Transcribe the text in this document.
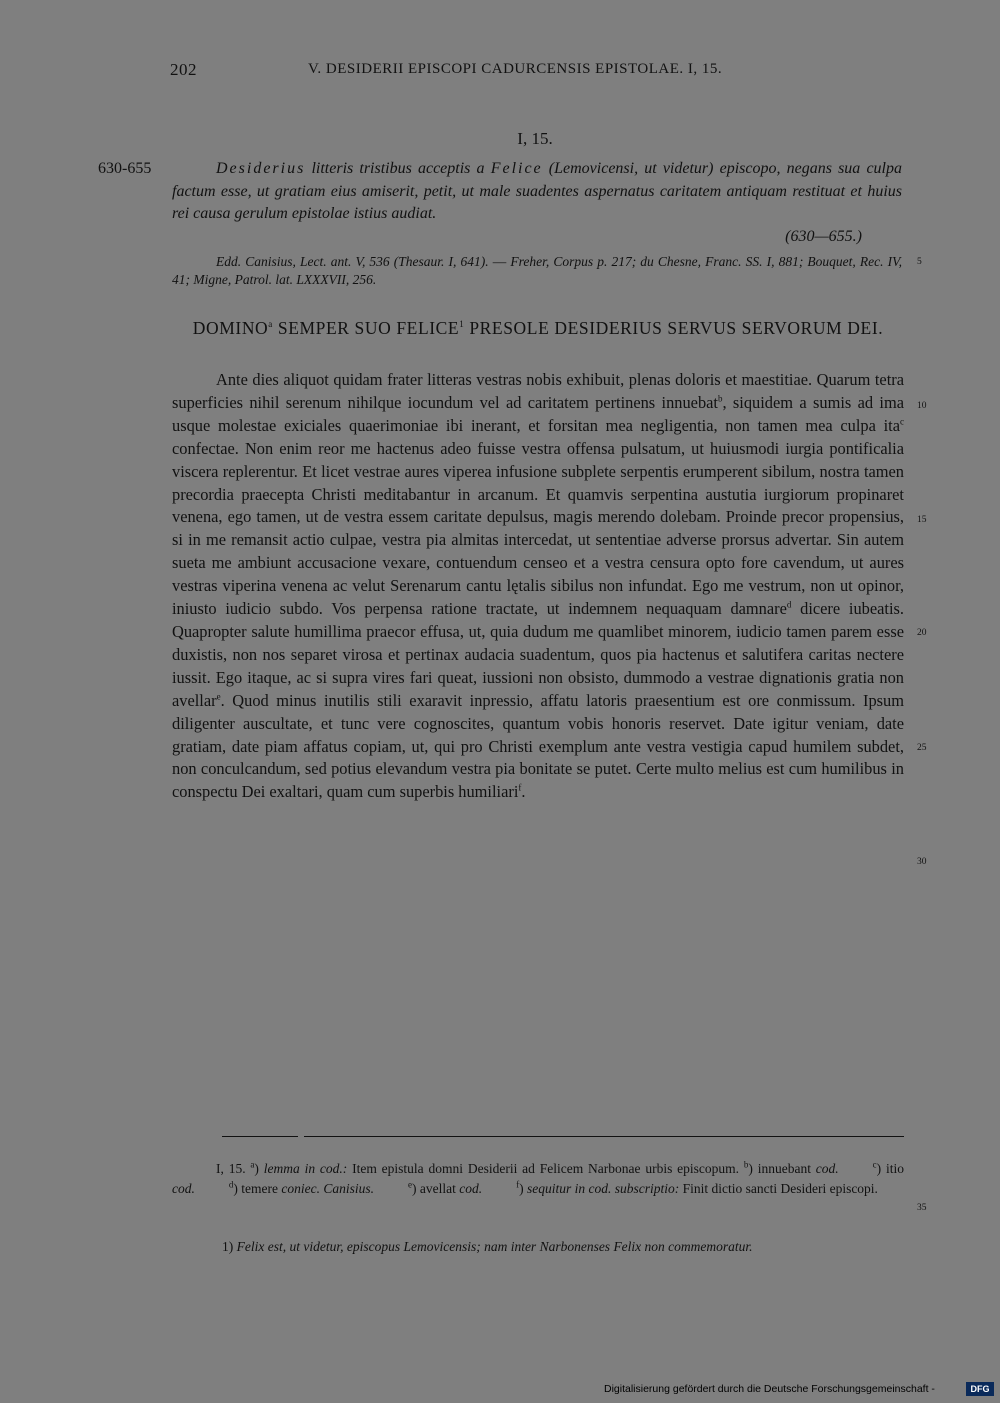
202	V. DESIDERII EPISCOPI CADURCENSIS EPISTOLAE. I, 15.
I, 15.
630-655	Desiderius litteris tristibus acceptis a Felice (Lemovicensi, ut videtur) episcopo, negans sua culpa factum esse, ut gratiam eius amiserit, petit, ut male suadentes aspernatus caritatem antiquam restituat et huius rei causa gerulum epistolae istius audiat.
(630—655.)

Edd. Canisius, Lect. ant. V, 536 (Thesaur. I, 641). — Freher, Corpus p. 217; du Chesne, Franc. SS. I, 881; Bouquet, Rec. IV, 41; Migne, Patrol. lat. LXXXVII, 256.

DOMINO$^a$ SEMPER SUO FELICE$^1$ PRESOLE DESIDERIUS SERVUS SERVORUM DEI.

Ante dies aliquot quidam frater litteras vestras nobis exhibuit, plenas doloris et maestitiae. Quarum tetra superficies nihil serenum nihilque iocundum vel ad caritatem pertinens innuebat$^b$, siquidem a sumis ad ima usque molestae exiciales quaerimoniae ibi inerant, et forsitan mea negligentia, non tamen mea culpa ita$^c$ confectae. Non enim reor me hactenus adeo fuisse vestra offensa pulsatum, ut huiusmodi iurgia pontificalia viscera replerentur. Et licet vestrae aures viperea infusione subplete serpentis erumperent sibilum, nostra tamen precordia praecepta Christi meditabantur in arcanum. Et quamvis serpentina austutia iurgiorum propinaret venena, ego tamen, ut de vestra essem caritate depulsus, magis merendo dolebam. Proinde precor propensius, si in me remansit actio culpae, vestra pia almitas intercedat, ut sententiae adverse prorsus advertar. Sin autem sueta me ambiunt accusacione vexare, contuendum censeo et a vestra censura opto fore cavendum, ut aures vestras viperina venena ac velut Serenarum cantu lętalis sibilus non infundat. Ego me vestrum, non ut opinor, iniusto iudicio subdo. Vos perpensa ratione tractate, ut indemnem nequaquam damnare$^d$ dicere iubeatis. Quapropter salute humillima praecor effusa, ut, quia dudum me quamlibet minorem, iudicio tamen parem esse duxistis, non nos separet virosa et pertinax audacia suadentum, quos pia hactenus et salutifera caritas nectere iussit. Ego itaque, ac si supra vires fari queat, iussioni non obsisto, dummodo a vestrae dignationis gratia non avellar$^e$. Quod minus inutilis stili exaravit inpressio, affatu latoris praesentium est ore conmissum. Ipsum diligenter auscultate, et tunc vere cognoscites, quantum vobis honoris reservet. Date igitur veniam, date gratiam, date piam affatus copiam, ut, qui pro Christi exemplum ante vestra vestigia capud humilem subdet, non conculcandum, sed potius elevandum vestra pia bonitate se putet. Certe multo melius est cum humilibus in conspectu Dei exaltari, quam cum superbis humiliari$^f$.

5
10
15
20
25
30
35

I, 15. $^a$) lemma in cod.: Item epistula domni Desiderii ad Felicem Narbonae urbis episcopum. $^b$) innuebant cod.	$^c$) itio cod.	$^d$) temere coniec. Canisius.	$^e$) avellat cod.	$^f$) sequitur in cod. subscriptio: Finit dictio sancti Desideri episcopi.

1) Felix est, ut videtur, episcopus Lemovicensis; nam inter Narbonenses Felix non commemoratur.

Digitalisierung gefördert durch die Deutsche Forschungsgemeinschaft -	DFG
